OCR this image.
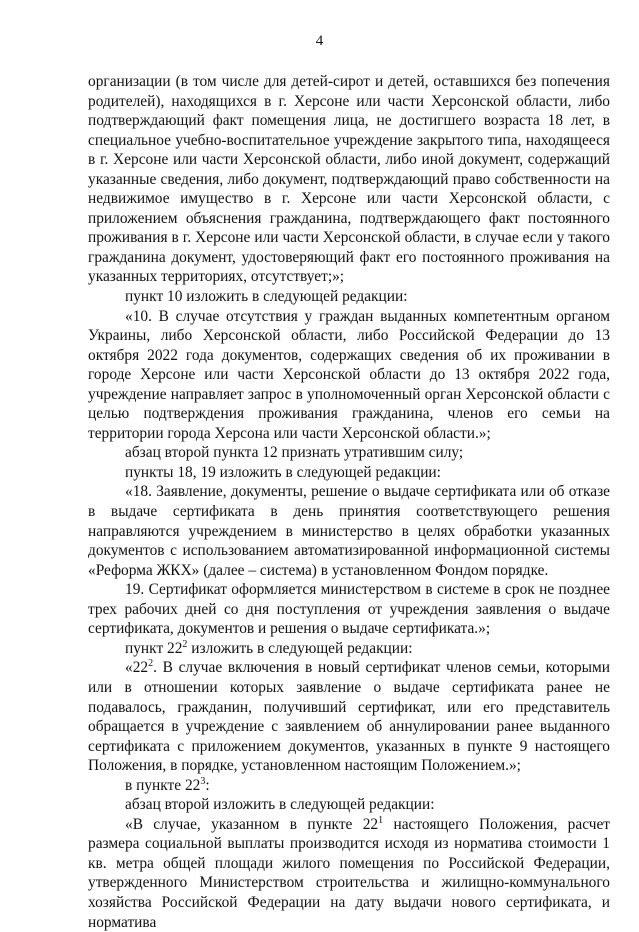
4

организации (в том числе для детей-сирот и детей, оставшихся без попечения родителей), находящихся в г. Херсоне или части Херсонской области, либо подтверждающий факт помещения лица, не достигшего возраста 18 лет, в специальное учебно-воспитательное учреждение закрытого типа, находящееся в г. Херсоне или части Херсонской области, либо иной документ, содержащий указанные сведения, либо документ, подтверждающий право собственности на недвижимое имущество в г. Херсоне или части Херсонской области, с приложением объяснения гражданина, подтверждающего факт постоянного проживания в г. Херсоне или части Херсонской области, в случае если у такого гражданина документ, удостоверяющий факт его постоянного проживания на указанных территориях, отсутствует;»;

пункт 10 изложить в следующей редакции:

«10. В случае отсутствия у граждан выданных компетентным органом Украины, либо Херсонской области, либо Российской Федерации до 13 октября 2022 года документов, содержащих сведения об их проживании в городе Херсоне или части Херсонской области до 13 октября 2022 года, учреждение направляет запрос в уполномоченный орган Херсонской области с целью подтверждения проживания гражданина, членов его семьи на территории города Херсона или части Херсонской области.»;

абзац второй пункта 12 признать утратившим силу;

пункты 18, 19 изложить в следующей редакции:

«18. Заявление, документы, решение о выдаче сертификата или об отказе в выдаче сертификата в день принятия соответствующего решения направляются учреждением в министерство в целях обработки указанных документов с использованием автоматизированной информационной системы «Реформа ЖКХ» (далее – система) в установленном Фондом порядке.

19. Сертификат оформляется министерством в системе в срок не позднее трех рабочих дней со дня поступления от учреждения заявления о выдаче сертификата, документов и решения о выдаче сертификата.»;

пункт $22^2$ изложить в следующей редакции:

«$22^2$. В случае включения в новый сертификат членов семьи, которыми или в отношении которых заявление о выдаче сертификата ранее не подавалось, гражданин, получивший сертификат, или его представитель обращается в учреждение с заявлением об аннулировании ранее выданного сертификата с приложением документов, указанных в пункте 9 настоящего Положения, в порядке, установленном настоящим Положением.»;

в пункте $22^3$:

абзац второй изложить в следующей редакции:

«В случае, указанном в пункте $22^1$ настоящего Положения, расчет размера социальной выплаты производится исходя из норматива стоимости 1 кв. метра общей площади жилого помещения по Российской Федерации, утвержденного Министерством строительства и жилищно-коммунального хозяйства Российской Федерации на дату выдачи нового сертификата, и норматива
